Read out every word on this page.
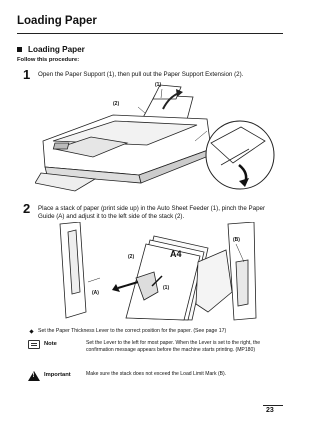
Loading Paper
Loading Paper
Follow this procedure:
1 Open the Paper Support (1), then pull out the Paper Support Extension (2).
(1)
(2)
2 Place a stack of paper (print side up) in the Auto Sheet Feeder (1), pinch the Paper Guide (A) and adjust it to the left side of the stack (2).
(B)
(2)	A4
(1)
(A)
Set the Paper Thickness Lever to the correct position for the paper. (See page 17)
Note	Set the Lever to the left for most paper. When the Lever is set to the right, the confirmation message appears before the machine starts printing. (MP180)
! Important	Make sure the stack does not exceed the Load Limit Mark (B).
23
